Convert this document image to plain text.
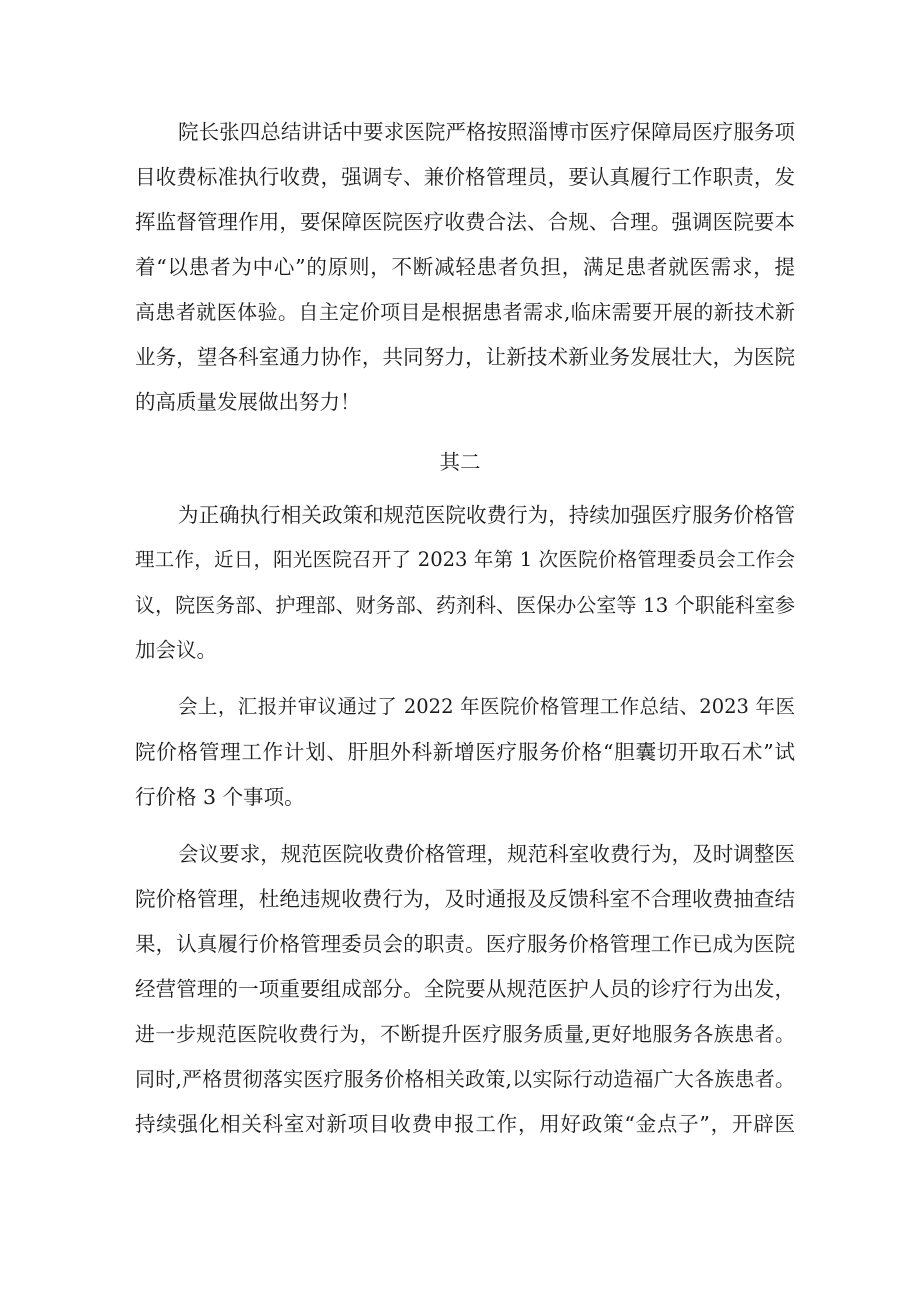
院长张四总结讲话中要求医院严格按照淄博市医疗保障局医疗服务项
目收费标准执行收费，强调专、兼价格管理员，要认真履行工作职责，发
挥监督管理作用，要保障医院医疗收费合法、合规、合理。强调医院要本
着“以患者为中心”的原则，不断减轻患者负担，满足患者就医需求，提
高患者就医体验。自主定价项目是根据患者需求,临床需要开展的新技术新
业务，望各科室通力协作，共同努力，让新技术新业务发展壮大，为医院
的高质量发展做出努力！
其二
为正确执行相关政策和规范医院收费行为，持续加强医疗服务价格管
理工作，近日，阳光医院召开了 2023 年第 1 次医院价格管理委员会工作会
议，院医务部、护理部、财务部、药剂科、医保办公室等 13 个职能科室参
加会议。
会上，汇报并审议通过了 2022 年医院价格管理工作总结、2023 年医
院价格管理工作计划、肝胆外科新增医疗服务价格“胆囊切开取石术”试
行价格 3 个事项。
会议要求，规范医院收费价格管理，规范科室收费行为，及时调整医
院价格管理，杜绝违规收费行为，及时通报及反馈科室不合理收费抽查结
果，认真履行价格管理委员会的职责。医疗服务价格管理工作已成为医院
经营管理的一项重要组成部分。全院要从规范医护人员的诊疗行为出发，
进一步规范医院收费行为，不断提升医疗服务质量,更好地服务各族患者。
同时,严格贯彻落实医疗服务价格相关政策,以实际行动造福广大各族患者。
持续强化相关科室对新项目收费申报工作，用好政策“金点子”，开辟医
